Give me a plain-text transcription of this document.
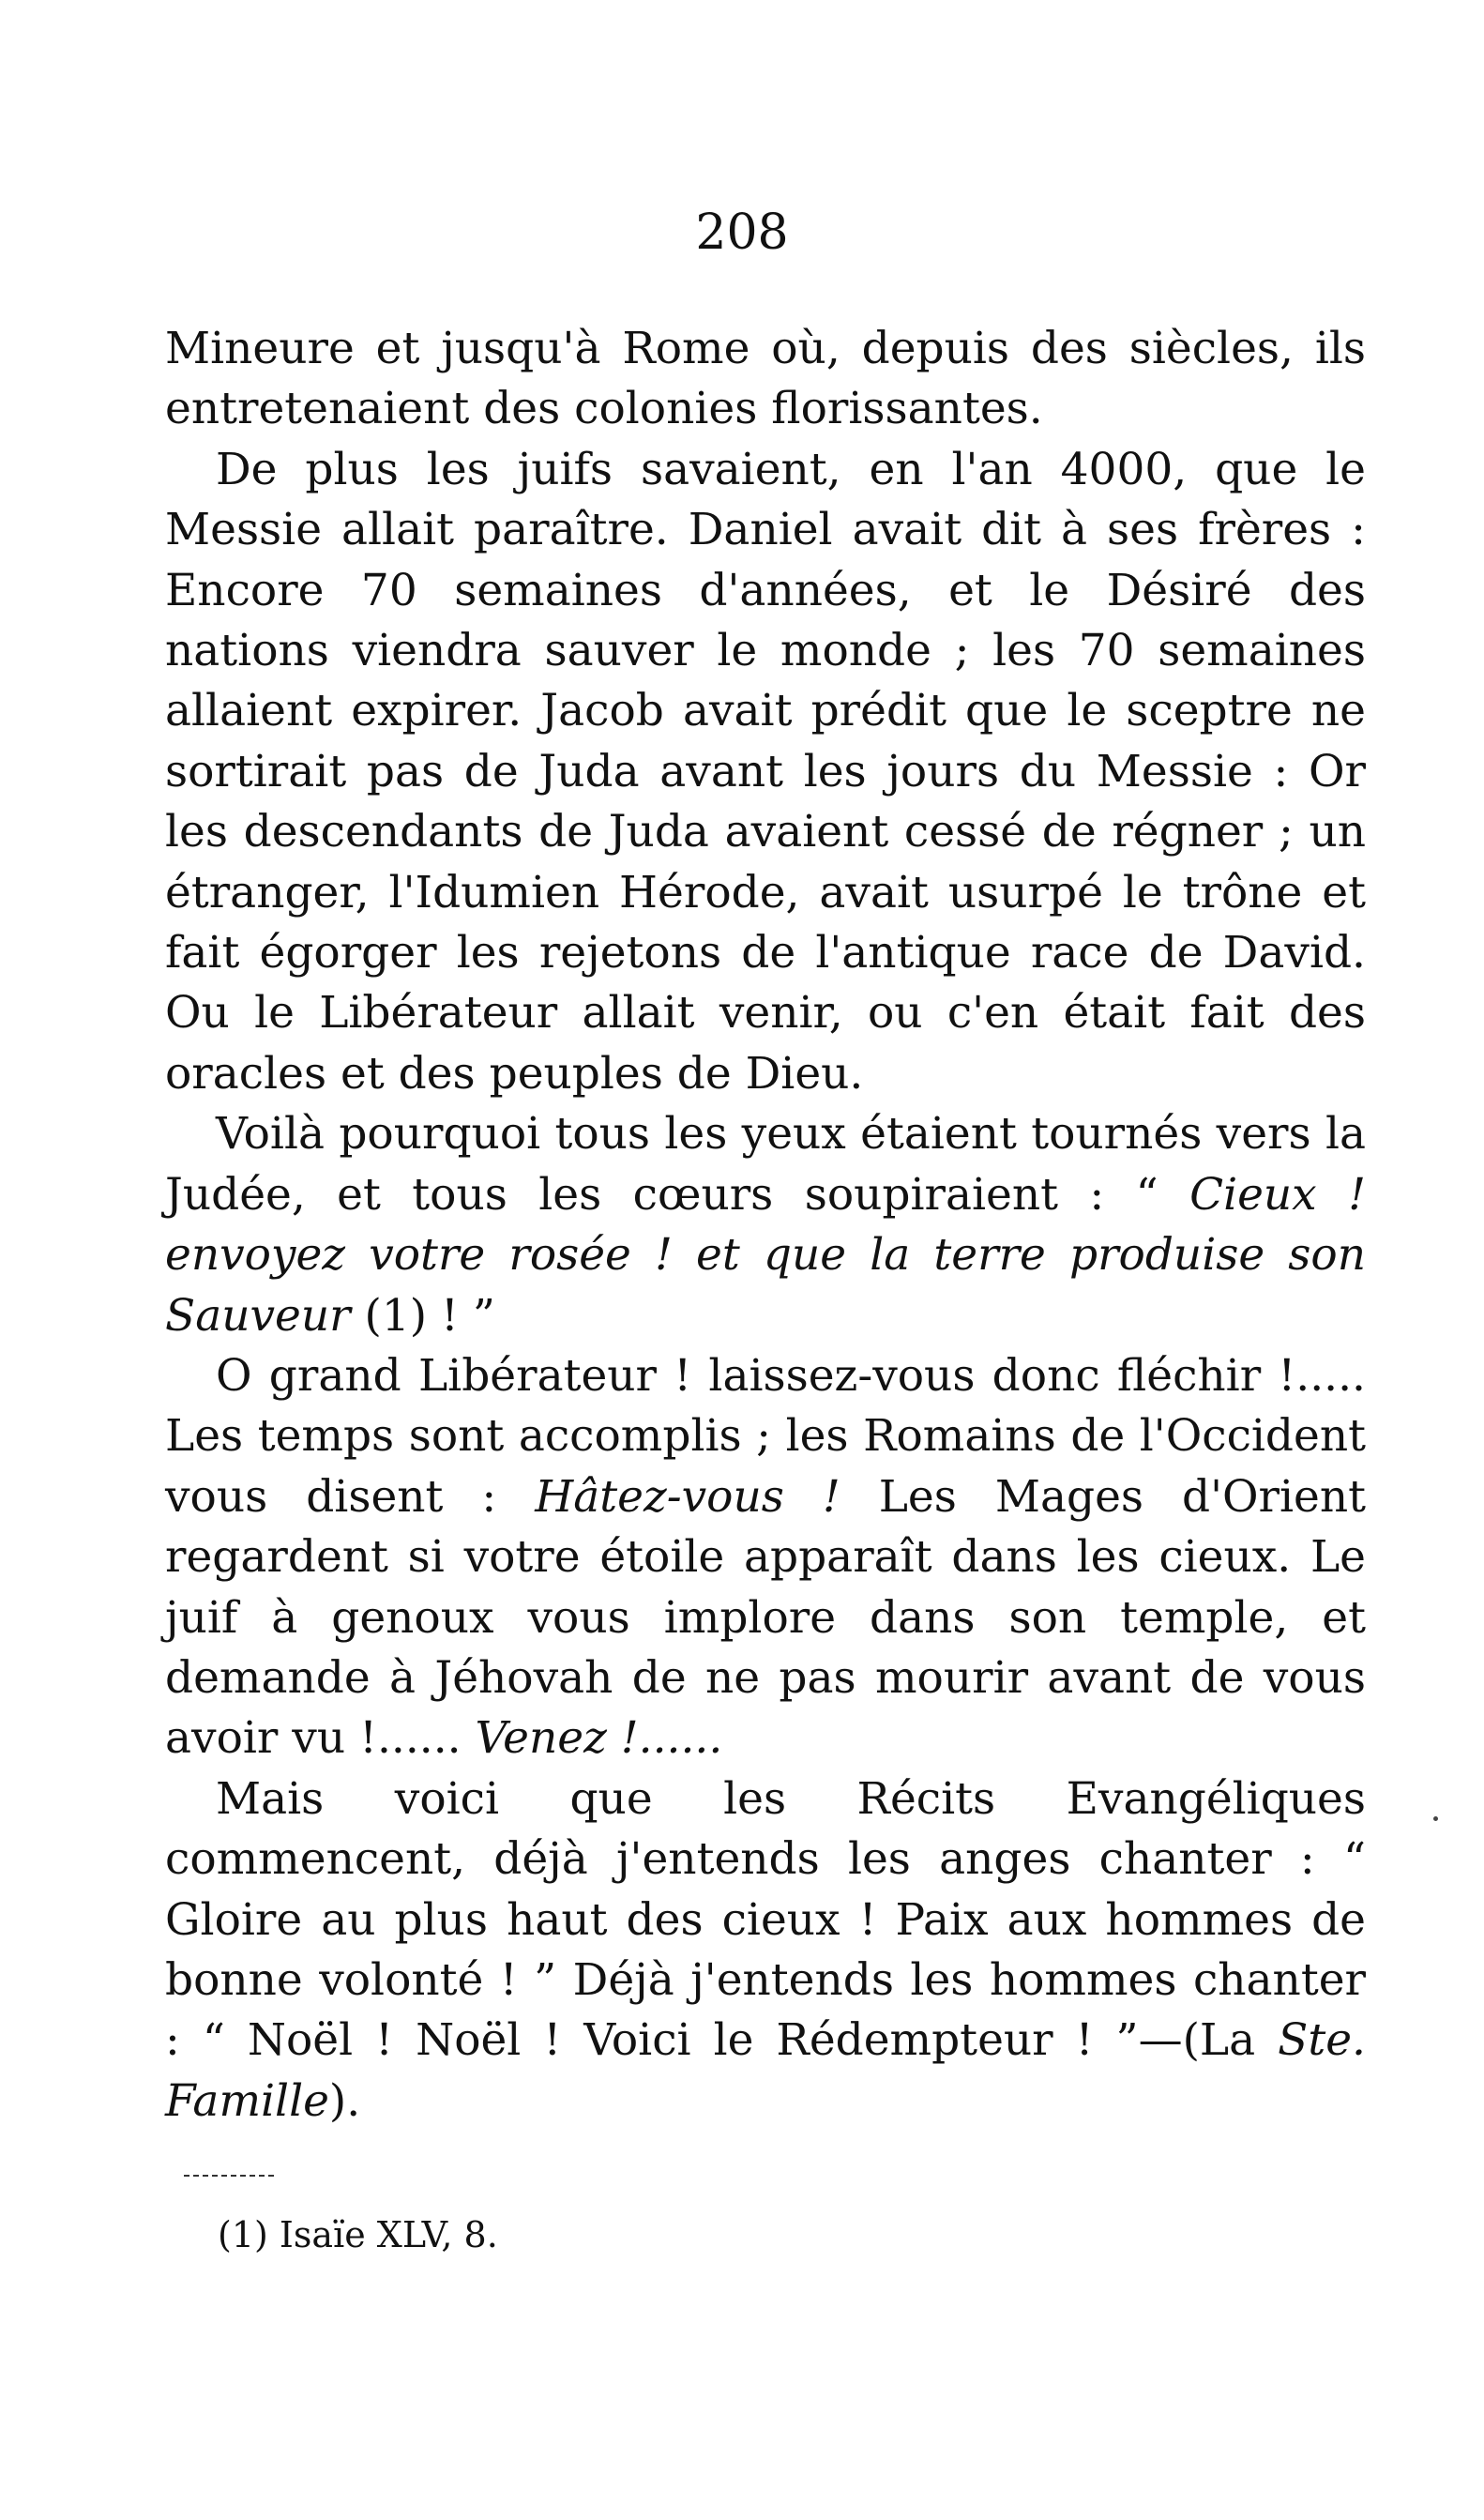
208

Mineure et jusqu'à Rome où, depuis des siècles, ils entretenaient des colonies florissantes.

De plus les juifs savaient, en l'an 4000, que le Messie allait paraître. Daniel avait dit à ses frères : Encore 70 semaines d'années, et le Désiré des nations viendra sauver le monde ; les 70 semaines allaient expirer. Jacob avait prédit que le sceptre ne sortirait pas de Juda avant les jours du Messie : Or les descendants de Juda avaient cessé de régner ; un étranger, l'Idumien Hérode, avait usurpé le trône et fait égorger les rejetons de l'antique race de David. Ou le Libérateur allait venir, ou c'en était fait des oracles et des peuples de Dieu.

Voilà pourquoi tous les yeux étaient tournés vers la Judée, et tous les cœurs soupiraient : “ Cieux ! envoyez votre rosée ! et que la terre produise son Sauveur (1) ! ”

O grand Libérateur ! laissez-vous donc fléchir !..... Les temps sont accomplis ; les Romains de l'Occident vous disent : Hâtez-vous ! Les Mages d'Orient regardent si votre étoile apparaît dans les cieux. Le juif à genoux vous implore dans son temple, et demande à Jéhovah de ne pas mourir avant de vous avoir vu !...... Venez !......

Mais voici que les Récits Evangéliques commencent, déjà j'entends les anges chanter : “ Gloire au plus haut des cieux ! Paix aux hommes de bonne volonté ! ” Déjà j'entends les hommes chanter : “ Noël ! Noël ! Voici le Rédempteur ! ”—(La Ste. Famille).

(1) Isaïe XLV, 8.
